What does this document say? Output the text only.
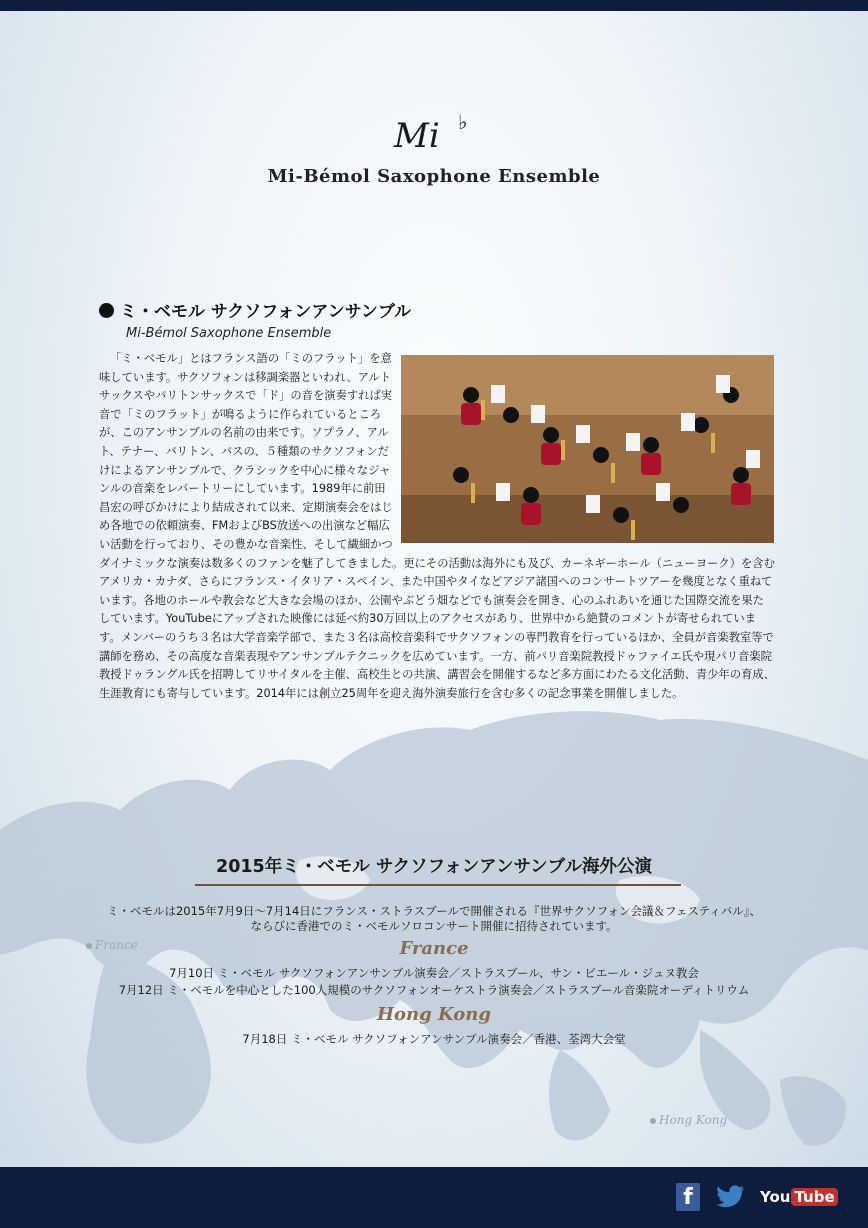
France
Hong Kong
Mi ♭
Mi-Bémol Saxophone Ensemble
ミ・ベモル サクソフォンアンサンブル
Mi-Bémol Saxophone Ensemble

「ミ・ベモル」とはフランス語の「ミのフラット」を意味しています。サクソフォンは移調楽器といわれ、アルトサックスやバリトンサックスで「ド」の音を演奏すれば実音で「ミのフラット」が鳴るように作られているところが、このアンサンブルの名前の由来です。ソプラノ、アルト、テナー、バリトン、バスの、５種類のサクソフォンだけによるアンサンブルで、クラシックを中心に様々なジャンルの音楽をレパートリーにしています。1989年に前田昌宏の呼びかけにより結成されて以来、定期演奏会をはじめ各地での依頼演奏、FMおよびBS放送への出演など幅広い活動を行っており、その豊かな音楽性、そして繊細かつダイナミックな演奏は数多くのファンを魅了してきました。更にその活動は海外にも及び、カーネギーホール（ニューヨーク）を含むアメリカ・カナダ、さらにフランス・イタリア・スペイン、また中国やタイなどアジア諸国へのコンサートツアーを幾度となく重ねています。各地のホールや教会など大きな会場のほか、公園やぶどう畑などでも演奏会を開き、心のふれあいを通じた国際交流を果たしています。YouTubeにアップされた映像には延べ約30万回以上のアクセスがあり、世界中から絶賛のコメントが寄せられています。メンバーのうち３名は大学音楽学部で、また３名は高校音楽科でサクソフォンの専門教育を行っているほか、全員が音楽教室等で講師を務め、その高度な音楽表現やアンサンブルテクニックを広めています。一方、前パリ音楽院教授ドゥファイエ氏や現パリ音楽院教授ドゥラングル氏を招聘してリサイタルを主催、高校生との共演、講習会を開催するなど多方面にわたる文化活動、青少年の育成、生涯教育にも寄与しています。2014年には創立25周年を迎え海外演奏旅行を含む多くの記念事業を開催しました。

2015年ミ・ベモル サクソフォンアンサンブル海外公演
ミ・ベモルは2015年7月9日〜7月14日にフランス・ストラスブールで開催される『世界サクソフォン会議＆フェスティバル』、
ならびに香港でのミ・ベモルソロコンサート開催に招待されています。
France
7月10日 ミ・ベモル サクソフォンアンサンブル演奏会／ストラスブール、サン・ピエール・ジュヌ教会
7月12日 ミ・ベモルを中心とした100人規模のサクソフォンオーケストラ演奏会／ストラスブール音楽院オーディトリウム
Hong Kong
7月18日 ミ・ベモル サクソフォンアンサンブル演奏会／香港、荃湾大会堂
f	You Tube
